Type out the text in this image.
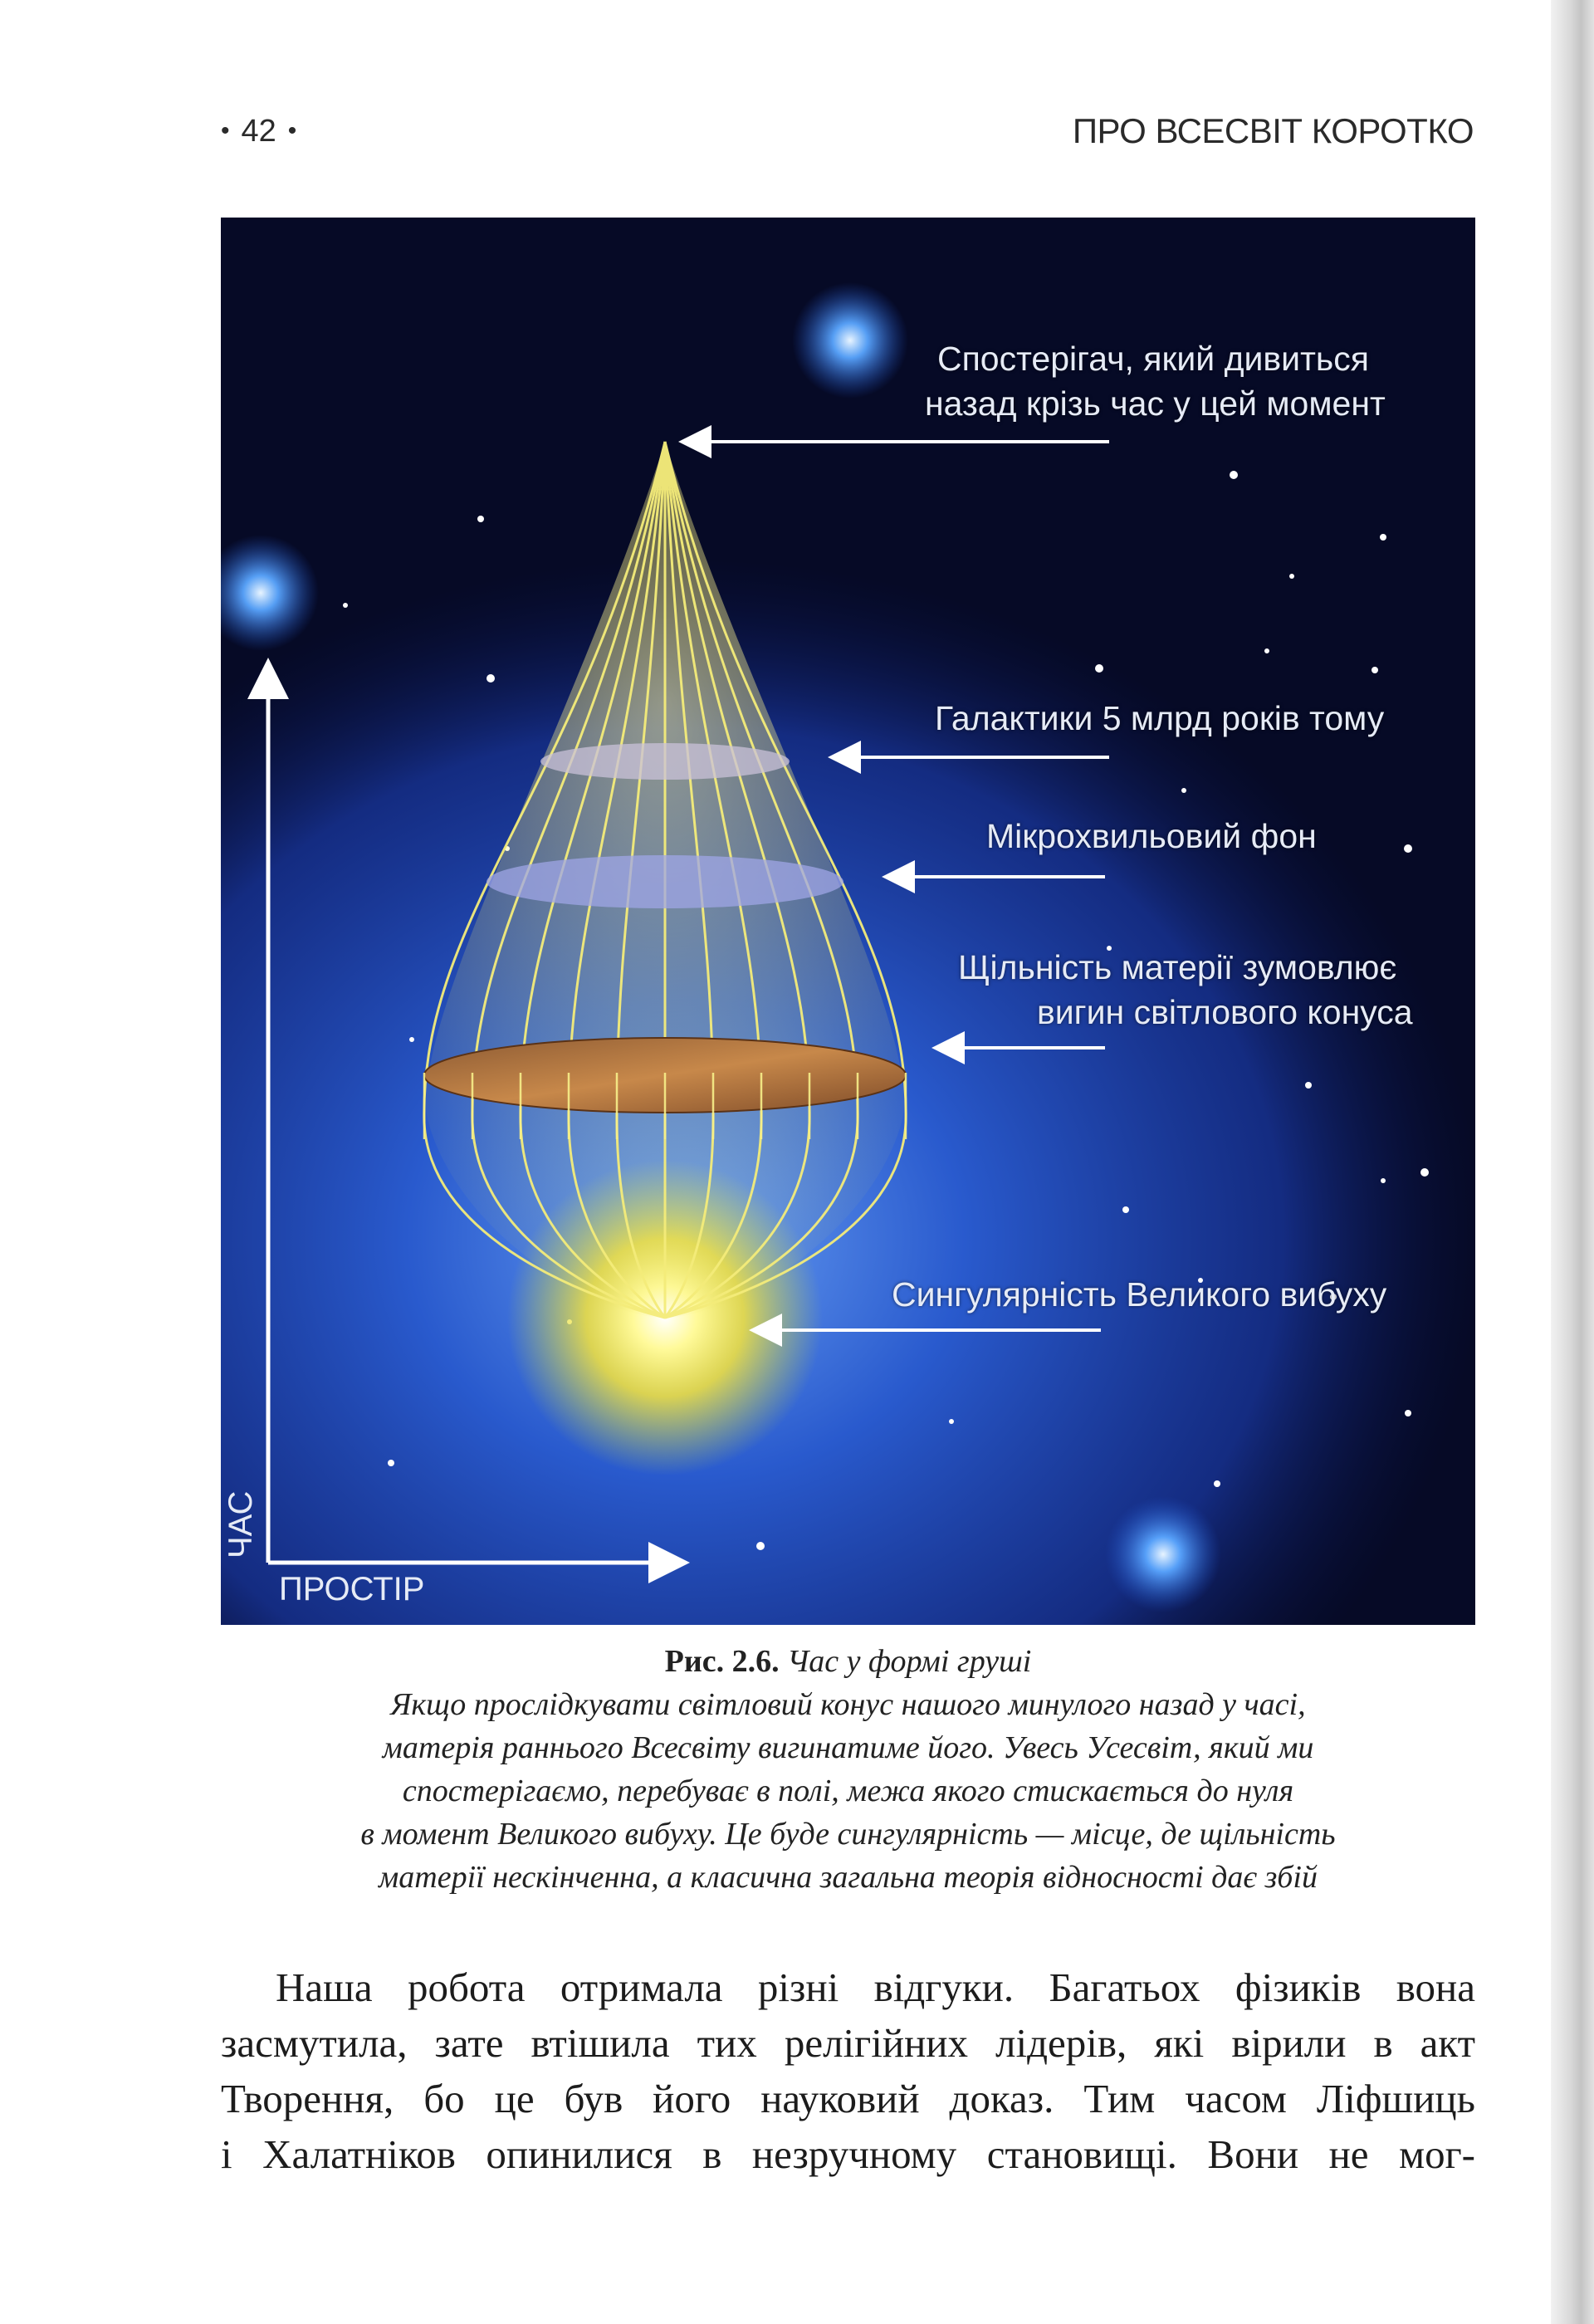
• 42 •	ПРО ВСЕСВІТ КОРОТКО
Спостерігач, який дивиться
назад крізь час у цей момент
Галактики 5 млрд років тому
Мікрохвильовий фон
Щільність матерії зумовлює
вигин світлового конуса
Сингулярність Великого вибуху
ПРОСТІР
ЧАС
Рис. 2.6. Час у формі груші
Якщо прослідкувати світловий конус нашого минулого назад у часі,
матерія раннього Всесвіту вигинатиме його. Увесь Усесвіт, який ми
спостерігаємо, перебуває в полі, межа якого стискається до нуля
в момент Великого вибуху. Це буде сингулярність — місце, де щільність
матерії нескінченна, а класична загальна теорія відносності дає збій
Наша робота отримала різні відгуки. Багатьох фізиків вона
засмутила, зате втішила тих релігійних лідерів, які вірили в акт
Творення, бо це був його науковий доказ. Тим часом Ліфшиць
і Халатніков опинилися в незручному становищі. Вони не мог-
